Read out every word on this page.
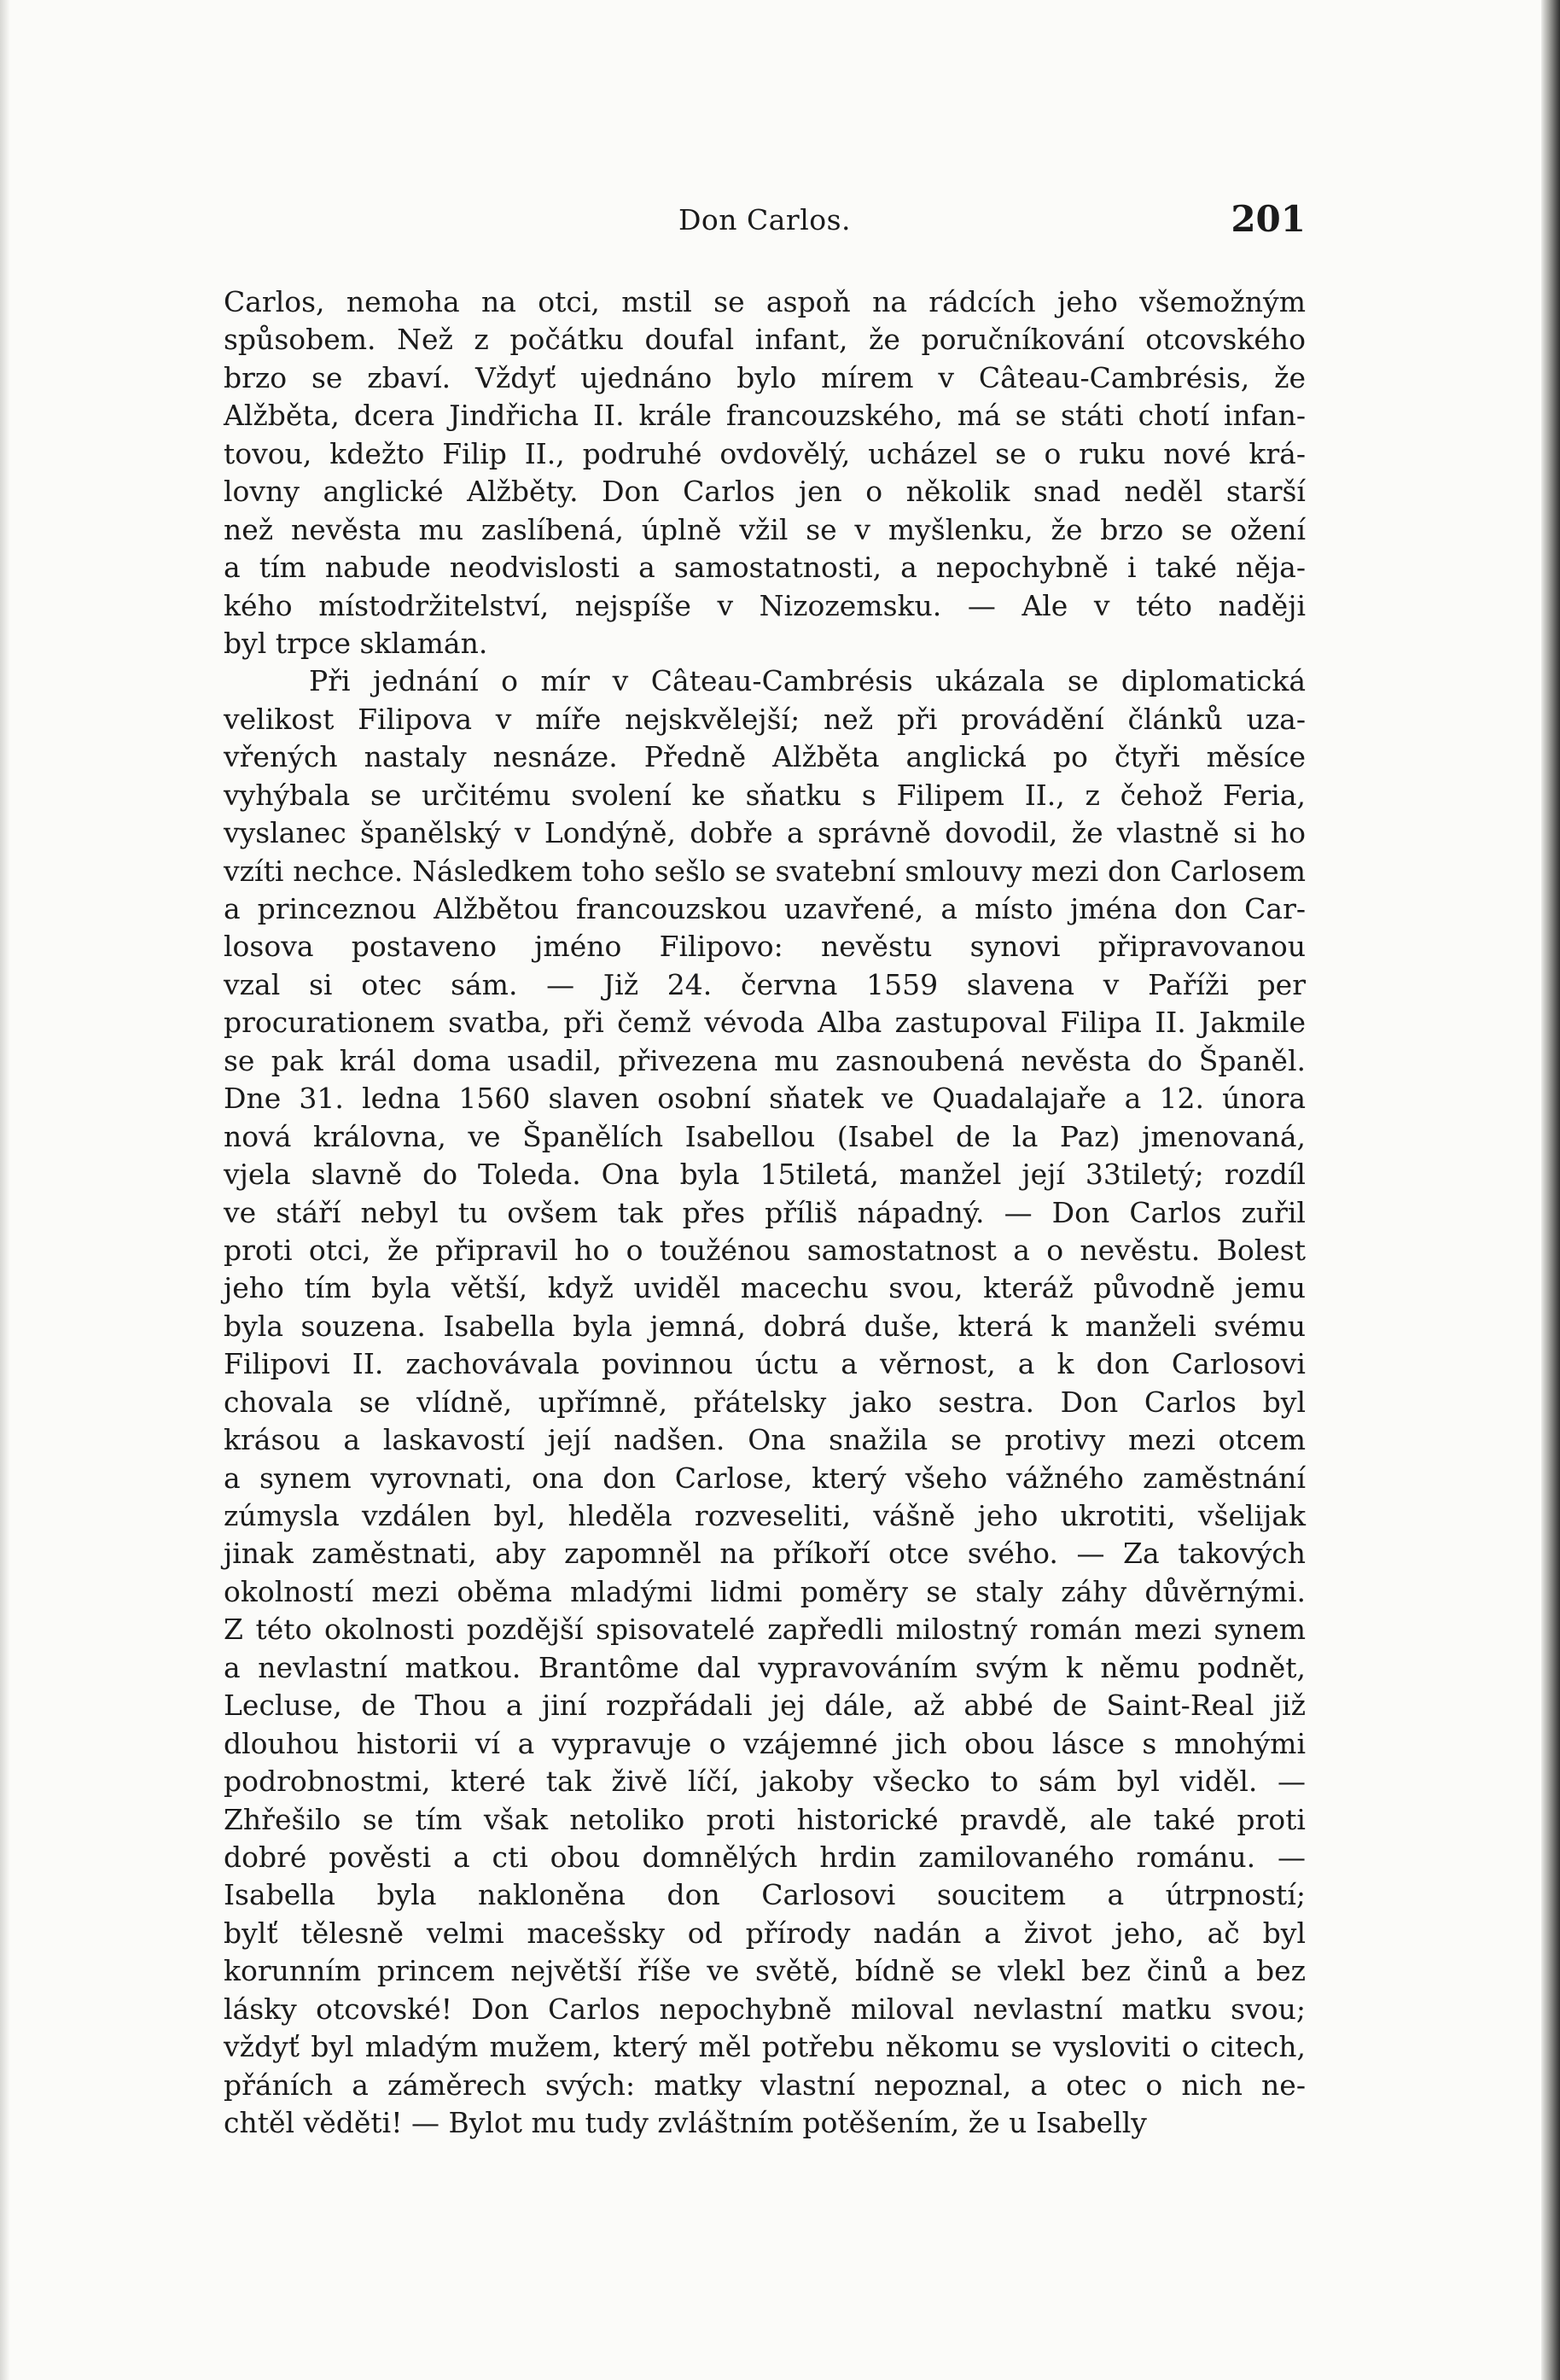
Don Carlos.	201
Carlos, nemoha na otci, mstil se aspoň na rádcích jeho všemožným
spůsobem. Než z počátku doufal infant, že poručníkování otcovského
brzo se zbaví. Vždyť ujednáno bylo mírem v Câteau-Cambrésis, že
Alžběta, dcera Jindřicha II. krále francouzského, má se státi chotí infan-
tovou, kdežto Filip II., podruhé ovdovělý, ucházel se o ruku nové krá-
lovny anglické Alžběty. Don Carlos jen o několik snad neděl starší
než nevěsta mu zaslíbená, úplně vžil se v myšlenku, že brzo se ožení
a tím nabude neodvislosti a samostatnosti, a nepochybně i také něja-
kého místodržitelství, nejspíše v Nizozemsku. — Ale v této naději
byl trpce sklamán.
Při jednání o mír v Câteau-Cambrésis ukázala se diplomatická
velikost Filipova v míře nejskvělejší; než při provádění článků uza-
vřených nastaly nesnáze. Předně Alžběta anglická po čtyři měsíce
vyhýbala se určitému svolení ke sňatku s Filipem II., z čehož Feria,
vyslanec španělský v Londýně, dobře a správně dovodil, že vlastně si ho
vzíti nechce. Následkem toho sešlo se svatební smlouvy mezi don Carlosem
a princeznou Alžbětou francouzskou uzavřené, a místo jména don Car-
losova postaveno jméno Filipovo: nevěstu synovi připravovanou
vzal si otec sám. — Již 24. června 1559 slavena v Paříži per
procurationem svatba, při čemž vévoda Alba zastupoval Filipa II. Jakmile
se pak král doma usadil, přivezena mu zasnoubená nevěsta do Španěl.
Dne 31. ledna 1560 slaven osobní sňatek ve Quadalajaře a 12. února
nová královna, ve Španělích Isabellou (Isabel de la Paz) jmenovaná,
vjela slavně do Toleda. Ona byla 15tiletá, manžel její 33tiletý; rozdíl
ve stáří nebyl tu ovšem tak přes příliš nápadný. — Don Carlos zuřil
proti otci, že připravil ho o toužénou samostatnost a o nevěstu. Bolest
jeho tím byla větší, když uviděl macechu svou, kteráž původně jemu
byla souzena. Isabella byla jemná, dobrá duše, která k manželi svému
Filipovi II. zachovávala povinnou úctu a věrnost, a k don Carlosovi
chovala se vlídně, upřímně, přátelsky jako sestra. Don Carlos byl
krásou a laskavostí její nadšen. Ona snažila se protivy mezi otcem
a synem vyrovnati, ona don Carlose, který všeho vážného zaměstnání
zúmysla vzdálen byl, hleděla rozveseliti, vášně jeho ukrotiti, všelijak
jinak zaměstnati, aby zapomněl na příkoří otce svého. — Za takových
okolností mezi oběma mladými lidmi poměry se staly záhy důvěrnými.
Z této okolnosti pozdější spisovatelé zapředli milostný román mezi synem
a nevlastní matkou. Brantôme dal vypravováním svým k němu podnět,
Lecluse, de Thou a jiní rozpřádali jej dále, až abbé de Saint-Real již
dlouhou historii ví a vypravuje o vzájemné jich obou lásce s mnohými
podrobnostmi, které tak živě líčí, jakoby všecko to sám byl viděl. —
Zhřešilo se tím však netoliko proti historické pravdě, ale také proti
dobré pověsti a cti obou domnělých hrdin zamilovaného románu. —
Isabella byla nakloněna don Carlosovi soucitem a útrpností;
bylť tělesně velmi macešsky od přírody nadán a život jeho, ač byl
korunním princem největší říše ve světě, bídně se vlekl bez činů a bez
lásky otcovské! Don Carlos nepochybně miloval nevlastní matku svou;
vždyť byl mladým mužem, který měl potřebu někomu se vysloviti o citech,
přáních a záměrech svých: matky vlastní nepoznal, a otec o nich ne-
chtěl věděti! — Bylot mu tudy zvláštním potěšením, že u Isabelly
